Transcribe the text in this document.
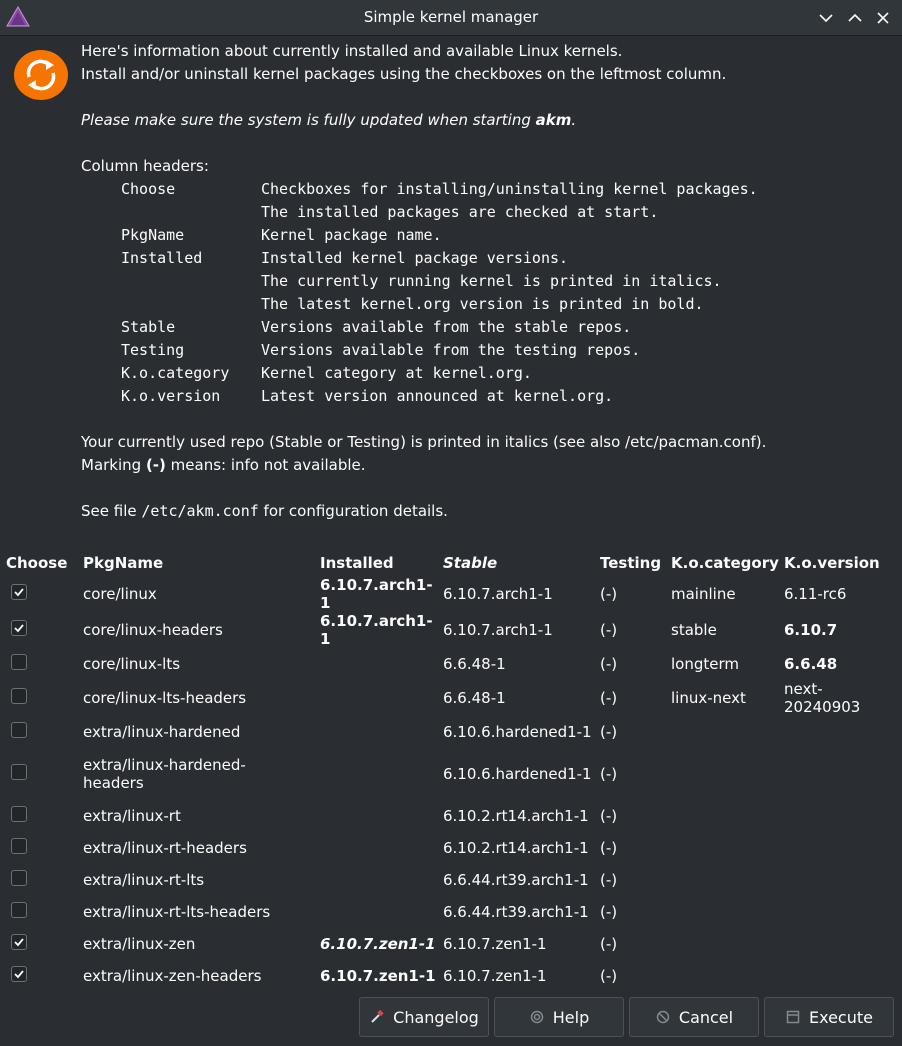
Simple kernel manager
Here's information about currently installed and available Linux kernels.
Install and/or uninstall kernel packages using the checkboxes on the leftmost column.
Please make sure the system is fully updated when starting akm.
Column headers:
Choose	Checkboxes for installing/uninstalling kernel packages.
The installed packages are checked at start.
PkgName	Kernel package name.
Installed	Installed kernel package versions.
The currently running kernel is printed in italics.
The latest kernel.org version is printed in bold.
Stable	Versions available from the stable repos.
Testing	Versions available from the testing repos.
K.o.category	Kernel category at kernel.org.
K.o.version	Latest version announced at kernel.org.
Your currently used repo (Stable or Testing) is printed in italics (see also /etc/pacman.conf).
Marking (-) means: info not available.
See file /etc/akm.conf for configuration details.
Choose	PkgName	Installed	Stable	Testing	K.o.category	K.o.version

	core/linux	6.10.7.arch1-1	6.10.7.arch1-1	(-)	mainline	6.11-rc6

	core/linux-headers	6.10.7.arch1-1	6.10.7.arch1-1	(-)	stable	6.10.7
	core/linux-lts		6.6.48-1	(-)	longterm	6.6.48
	core/linux-lts-headers		6.6.48-1	(-)	linux-next	next-20240903
	extra/linux-hardened		6.10.6.hardened1-1	(-)		

	extra/linux-hardened-
headers		6.10.6.hardened1-1	(-)		
	extra/linux-rt		6.10.2.rt14.arch1-1	(-)		
	extra/linux-rt-headers		6.10.2.rt14.arch1-1	(-)		
	extra/linux-rt-lts		6.6.44.rt39.arch1-1	(-)		
	extra/linux-rt-lts-headers		6.6.44.rt39.arch1-1	(-)		

	extra/linux-zen	6.10.7.zen1-1	6.10.7.zen1-1	(-)		

	extra/linux-zen-headers	6.10.7.zen1-1	6.10.7.zen1-1	(-)		
Changelog	Help	Cancel	Execute
